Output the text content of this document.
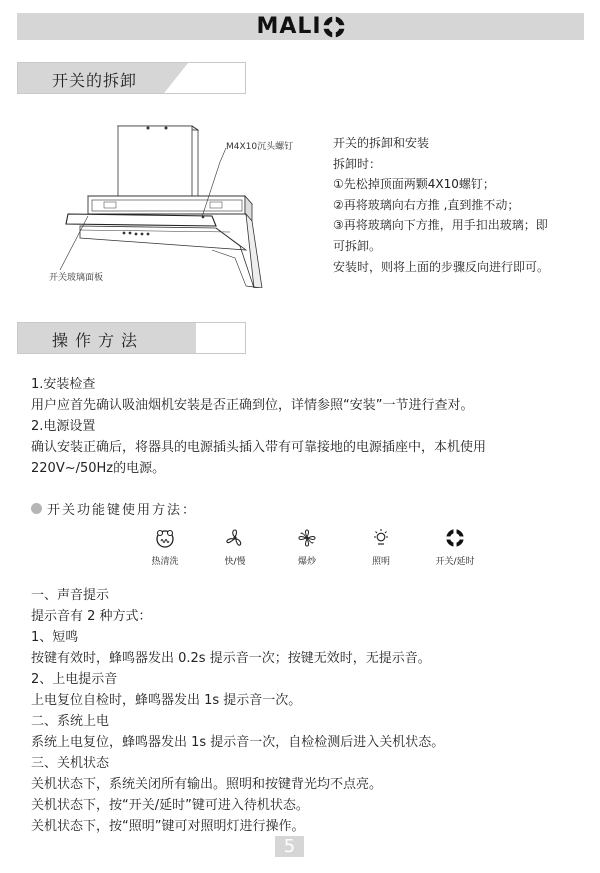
MALI
开关的拆卸
M4X10沉头螺钉
开关玻璃面板
开关的拆卸和安装
拆卸时：
①先松掉顶面两颗4X10螺钉；
②再将玻璃向右方推 ,直到推不动；
③再将玻璃向下方推，用手扣出玻璃；即
可拆卸。
安装时，则将上面的步骤反向进行即可。
操作方法

1.安装检查

用户应首先确认吸油烟机安装是否正确到位，详情参照“安装”一节进行查对。

2.电源设置

确认安装正确后，将器具的电源插头插入带有可靠接地的电源插座中，本机使用

220V~/50Hz的电源。

开关功能键使用方法：
热清洗	快/慢	爆炒	照明	开关/延时

一、声音提示

提示音有 2 种方式：

1、短鸣

按键有效时，蜂鸣器发出 0.2s 提示音一次；按键无效时，无提示音。

2、上电提示音

上电复位自检时，蜂鸣器发出 1s 提示音一次。

二、系统上电

系统上电复位，蜂鸣器发出 1s 提示音一次，自检检测后进入关机状态。

三、关机状态

关机状态下，系统关闭所有输出。照明和按键背光均不点亮。

关机状态下，按“开关/延时”键可进入待机状态。

关机状态下，按“照明”键可对照明灯进行操作。

5
